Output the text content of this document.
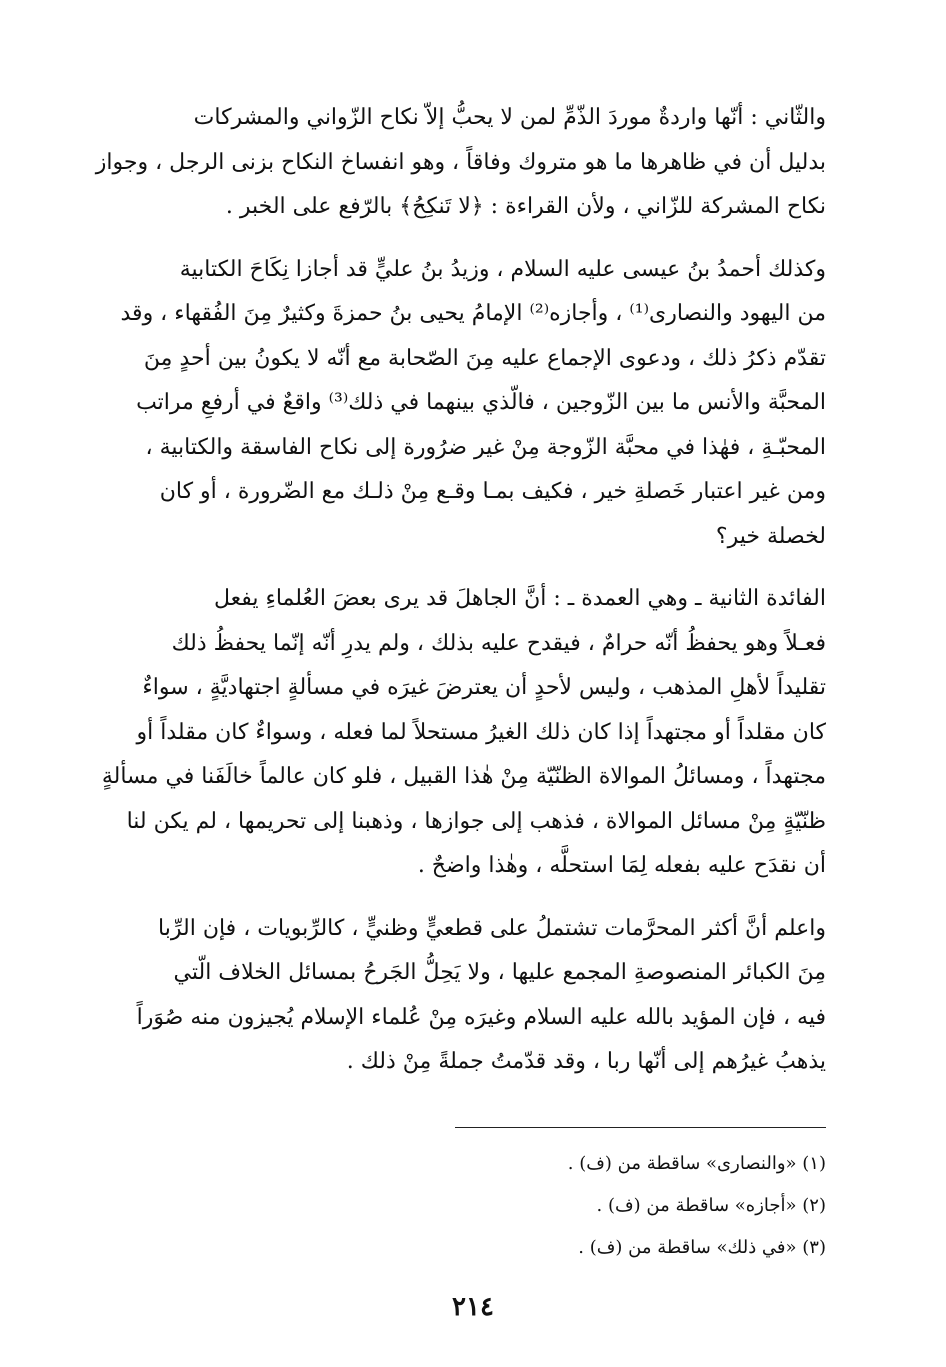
والثّاني : أنّها واردةٌ موردَ الذّمِّ لمن لا يحبُّ إلاّ نكاح الزّواني والمشركات
بدليل أن في ظاهرها ما هو متروك وفاقاً ، وهو انفساخ النكاح بزنى الرجل ، وجواز
نكاح المشركة للزّاني ، ولأن القراءة : ﴿لا تَنكِحُ﴾ بالرّفع على الخبر .

وكذلك أحمدُ بنُ عيسى عليه السلام ، وزيدُ بنُ عليٍّ قد أجازا نِكَاحَ الكتابية
من اليهود والنصارى⁽¹⁾ ، وأجازه⁽²⁾ الإمامُ يحيى بنُ حمزةَ وكثيرٌ مِنَ الفُقهاء ، وقد
تقدّم ذكرُ ذلك ، ودعوى الإجماع عليه مِنَ الصّحابة مع أنّه لا يكونُ بين أحدٍ مِنَ
المحبَّة والأنس ما بين الزّوجين ، فالّذي بينهما في ذلك⁽³⁾ واقعٌ في أرفعِ مراتب
المحبّـةِ ، فهٰذا في محبَّة الزّوجة مِنْ غير ضرُورة إلى نكاح الفاسقة والكتابية ،
ومن غير اعتبار خَصلةِ خير ، فكيف بمـا وقـع مِنْ ذلـك مع الضّرورة ، أو كان
لخصلة خير؟

الفائدة الثانية ـ وهي العمدة ـ : أنَّ الجاهلَ قد يرى بعضَ العُلماءِ يفعل
فعـلاً وهو يحفظُ أنّه حرامٌ ، فيقدح عليه بذلك ، ولم يدرِ أنّه إنّما يحفظُ ذلك
تقليداً لأهلِ المذهب ، وليس لأحدٍ أن يعترضَ غيرَه في مسألةٍ اجتهاديَّةٍ ، سواءٌ
كان مقلداً أو مجتهداً إذا كان ذلك الغيرُ مستحلاً لما فعله ، وسواءٌ كان مقلداً أو
مجتهداً ، ومسائلُ الموالاة الظنّيّة مِنْ هٰذا القبيل ، فلو كان عالماً خالَفَنا في مسألةٍ
ظنّيّةٍ مِنْ مسائل الموالاة ، فذهب إلى جوازها ، وذهبنا إلى تحريمها ، لم يكن لنا
أن نقدَح عليه بفعله لِمَا استحلَّه ، وهٰذا واضحٌ .

واعلم أنَّ أكثر المحرَّمات تشتملُ على قطعيٍّ وظنيٍّ ، كالرِّبويات ، فإن الرِّبا
مِنَ الكبائر المنصوصةِ المجمع عليها ، ولا يَحِلُّ الجَرحُ بمسائل الخلاف الّتي
فيه ، فإن المؤيد بالله عليه السلام وغيرَه مِنْ عُلماء الإسلام يُجيزون منه صُوَراً
يذهبُ غيرُهم إلى أنّها ربا ، وقد قدّمتُ جملةً مِنْ ذلك .

(١) «والنصارى» ساقطة من (ف) .
(٢) «أجازه» ساقطة من (ف) .
(٣) «في ذلك» ساقطة من (ف) .
٢١٤
